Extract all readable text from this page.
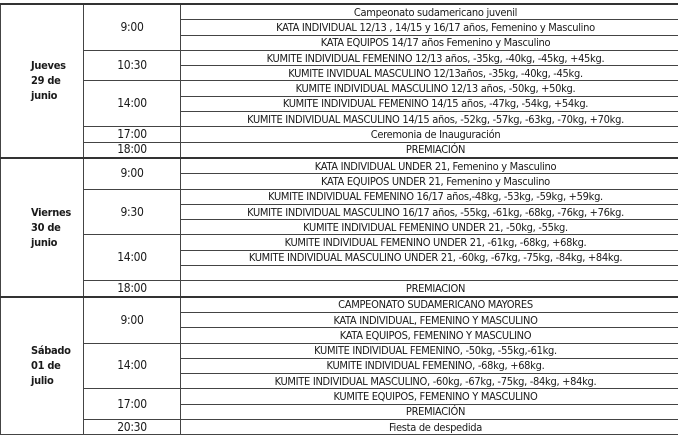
Jueves
29 de
junio	9:00	Campeonato sudamericano juvenil
		KATA INDIVIDUAL 12/13 , 14/15 y 16/17 años, Femenino y Masculino
		KATA EQUIPOS 14/17 años Femenino y Masculino
	10:30	KUMITE INDIVIDUAL FEMENINO 12/13 años, -35kg, -40kg, -45kg, +45kg.
		KUMITE INVIDUAL MASCULINO 12/13años, -35kg, -40kg, -45kg.
	14:00	KUMITE INDIVIDUAL MASCULINO 12/13 años, -50kg, +50kg.
		KUMITE INDIVIDUAL FEMENINO 14/15 años, -47kg, -54kg, +54kg.
		KUMITE INDIVIDUAL MASCULINO 14/15 años, -52kg, -57kg, -63kg, -70kg, +70kg.
	17:00	Ceremonia de Inauguración
	18:00	PREMIACIÓN

Viernes
30 de
junio	9:00	KATA INDIVIDUAL UNDER 21, Femenino y Masculino
		KATA EQUIPOS UNDER 21, Femenino y Masculino
	9:30	KUMITE INDIVIDUAL FEMENINO 16/17 años,-48kg, -53kg, -59kg, +59kg.
		KUMITE INDIVIDUAL MASCULINO 16/17 años, -55kg, -61kg, -68kg, -76kg, +76kg.
		KUMITE INDIVIDUAL FEMENINO UNDER 21, -50kg, -55kg.
	14:00	KUMITE INDIVIDUAL FEMENINO UNDER 21, -61kg, -68kg, +68kg.
		KUMITE INDIVIDUAL MASCULINO UNDER 21, -60kg, -67kg, -75kg, -84kg, +84kg.

	18:00	PREMIACION

Sábado
01 de
julio	9:00	CAMPEONATO SUDAMERICANO MAYORES
		KATA INDIVIDUAL, FEMENINO Y MASCULINO
		KATA EQUIPOS, FEMENINO Y MASCULINO
	14:00	KUMITE INDIVIDUAL FEMENINO, -50kg, -55kg,-61kg.
		KUMITE INDIVIDUAL FEMENINO, -68kg, +68kg.
		KUMITE INDIVIDUAL MASCULINO, -60kg, -67kg, -75kg, -84kg, +84kg.
	17:00	KUMITE EQUIPOS, FEMENINO Y MASCULINO
		PREMIACIÓN
	20:30	Fiesta de despedida
